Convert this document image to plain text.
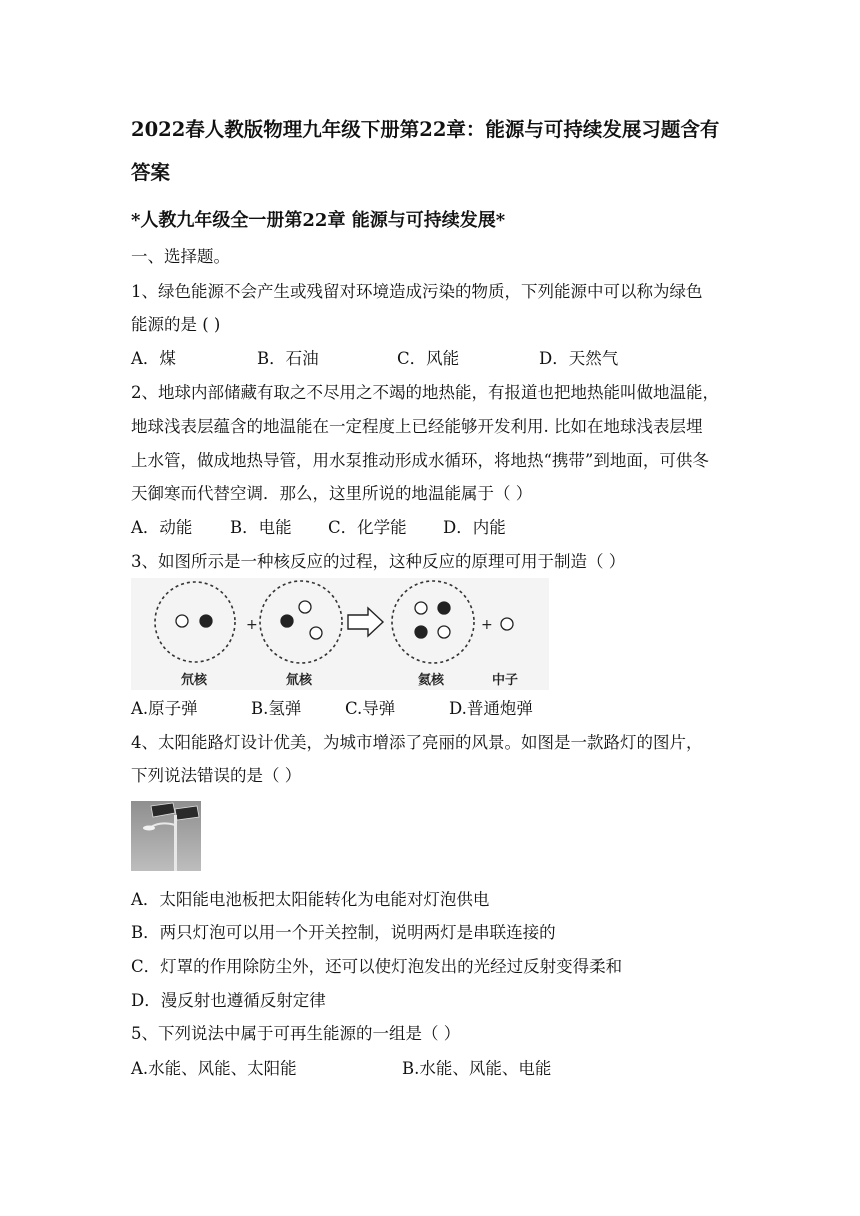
2022春人教版物理九年级下册第22章：能源与可持续发展习题含有
答案
*人教九年级全一册第22章 能源与可持续发展*
一、选择题。
1、绿色能源不会产生或残留对环境造成污染的物质，下列能源中可以称为绿色
能源的是 ( )
A．煤	B．石油	C．风能	D．天然气
2、地球内部储藏有取之不尽用之不竭的地热能，有报道也把地热能叫做地温能，
地球浅表层蕴含的地温能在一定程度上已经能够开发利用. 比如在地球浅表层埋
上水管，做成地热导管，用水泵推动形成水循环，将地热“携带”到地面，可供冬
天御寒而代替空调．那么，这里所说的地温能属于（ ）
A．动能 B．电能 C．化学能 D．内能
3、如图所示是一种核反应的过程，这种反应的原理可用于制造（ ）
+	+
氘核	氚核	氦核	中子
A.原子弹	B.氢弹	C.导弹	D.普通炮弹
4、太阳能路灯设计优美，为城市增添了亮丽的风景。如图是一款路灯的图片，
下列说法错误的是（ ）
A．太阳能电池板把太阳能转化为电能对灯泡供电
B．两只灯泡可以用一个开关控制，说明两灯是串联连接的
C．灯罩的作用除防尘外，还可以使灯泡发出的光经过反射变得柔和
D．漫反射也遵循反射定律
5、下列说法中属于可再生能源的一组是（ ）
A.水能、风能、太阳能	B.水能、风能、电能
